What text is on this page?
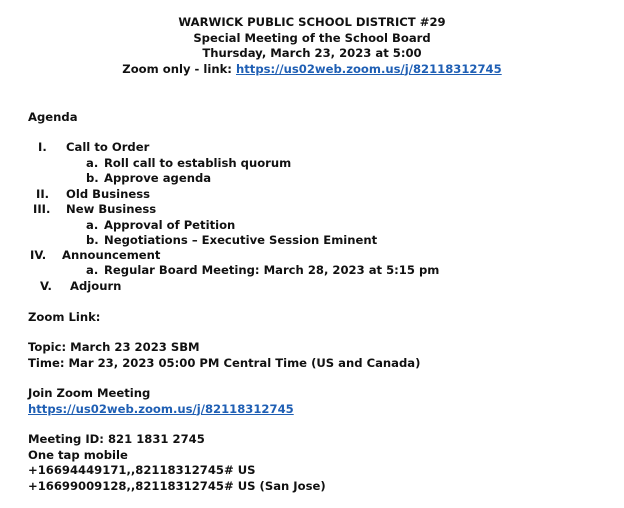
WARWICK PUBLIC SCHOOL DISTRICT #29
Special Meeting of the School Board
Thursday, March 23, 2023 at 5:00
Zoom only - link: https://us02web.zoom.us/j/82118312745
Agenda
I. Call to Order
a. Roll call to establish quorum
b. Approve agenda
II. Old Business
III. New Business
a. Approval of Petition
b. Negotiations – Executive Session Eminent
IV. Announcement
a. Regular Board Meeting: March 28, 2023 at 5:15 pm
V. Adjourn
Zoom Link:
Topic: March 23 2023 SBM
Time: Mar 23, 2023 05:00 PM Central Time (US and Canada)
Join Zoom Meeting
https://us02web.zoom.us/j/82118312745
Meeting ID: 821 1831 2745
One tap mobile
+16694449171,,82118312745# US
+16699009128,,82118312745# US (San Jose)
